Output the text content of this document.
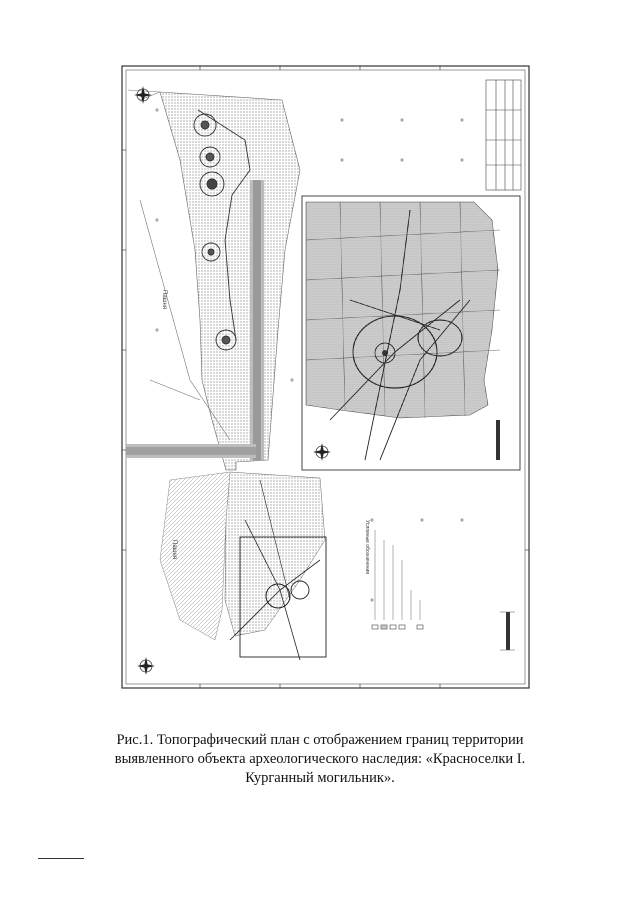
Пашня
Пашня	Условные обозначения
Рис.1. Топографический план с отображением границ территории
выявленного объекта археологического наследия: «Красноселки I.
Курганный могильник».
